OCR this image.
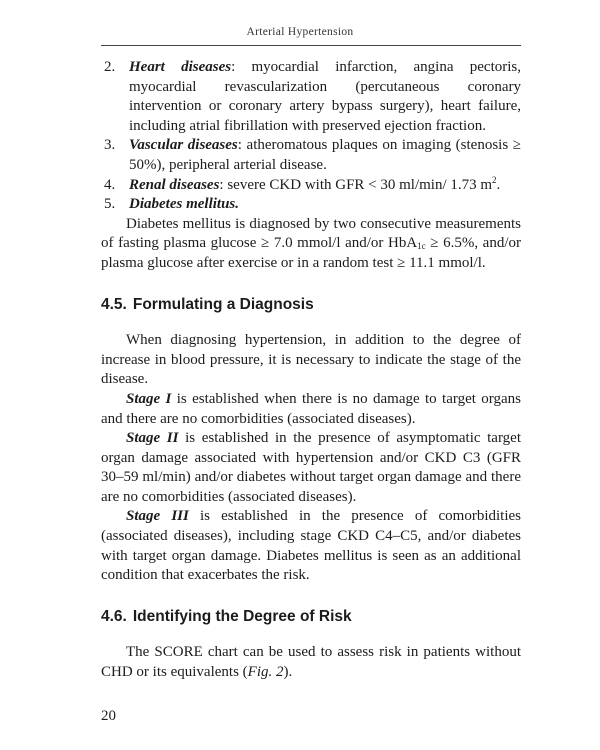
Arterial Hypertension
2. Heart diseases: myocardial infarction, angina pectoris, myocardial revascularization (percutaneous coronary intervention or coronary artery bypass surgery), heart failure, including atrial fibrillation with preserved ejection fraction.
3. Vascular diseases: atheromatous plaques on imaging (stenosis ≥ 50%), peripheral arterial disease.
4. Renal diseases: severe CKD with GFR < 30 ml/min/ 1.73 $m^2$.
5. Diabetes mellitus.

Diabetes mellitus is diagnosed by two consecutive measurements of fasting plasma glucose ≥ 7.0 mmol/l and/or HbA$_{1c}$ ≥ 6.5%, and/or plasma glucose after exercise or in a random test ≥ 11.1 mmol/l.

4.5. Formulating a Diagnosis

When diagnosing hypertension, in addition to the degree of increase in blood pressure, it is necessary to indicate the stage of the disease.

Stage I is established when there is no damage to target organs and there are no comorbidities (associated diseases).

Stage II is established in the presence of asymptomatic target organ damage associated with hypertension and/or CKD C3 (GFR 30–59 ml/min) and/or diabetes without target organ damage and there are no comorbidities (associated diseases).

Stage III is established in the presence of comorbidities (associated diseases), including stage CKD C4–C5, and/or diabetes with target organ damage. Diabetes mellitus is seen as an additional condition that exacerbates the risk.

4.6. Identifying the Degree of Risk

The SCORE chart can be used to assess risk in patients without CHD or its equivalents (Fig. 2).

20
